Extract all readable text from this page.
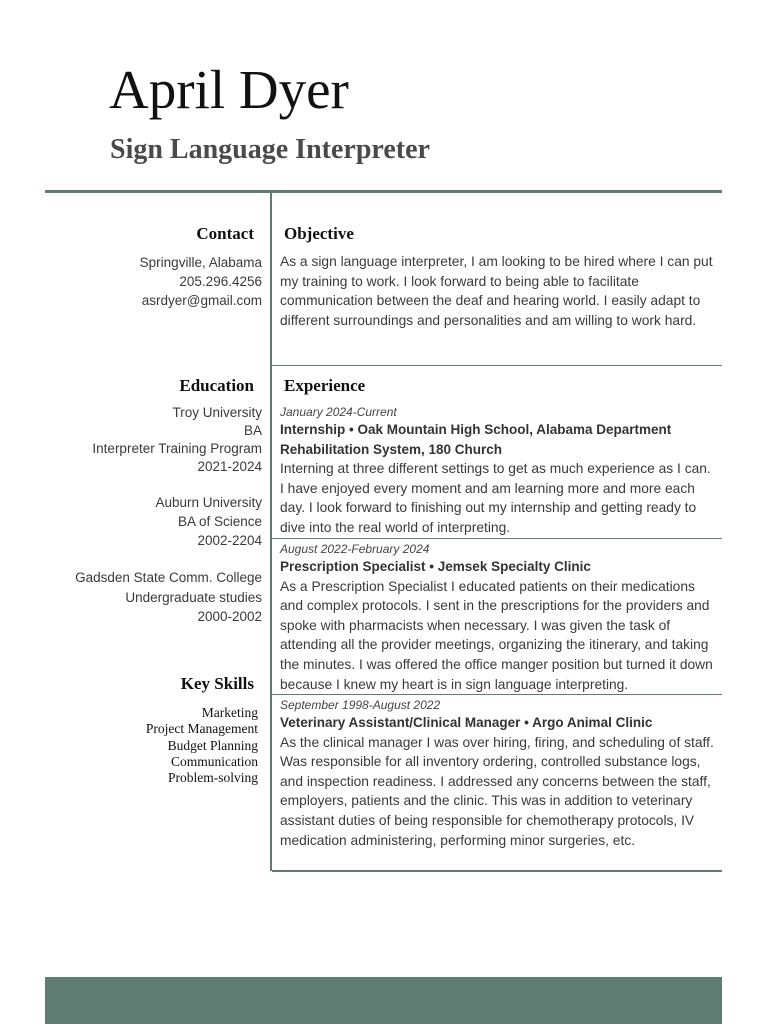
April Dyer
Sign Language Interpreter
Contact
Springville, Alabama
205.296.4256
asrdyer@gmail.com
Objective
As a sign language interpreter, I am looking to be hired where I can put my training to work. I look forward to being able to facilitate communication between the deaf and hearing world. I easily adapt to different surroundings and personalities and am willing to work hard.
Education
Troy University
BA
Interpreter Training Program
2021-2024
Auburn University
BA of Science
2002-2204
Gadsden State Comm. College
Undergraduate studies
2000-2002
Key Skills
Marketing
Project Management
Budget Planning
Communication
Problem-solving
Experience
January 2024-Current
Internship • Oak Mountain High School, Alabama Department Rehabilitation System, 180 Church
Interning at three different settings to get as much experience as I can. I have enjoyed every moment and am learning more and more each day. I look forward to finishing out my internship and getting ready to dive into the real world of interpreting.
August 2022-February 2024
Prescription Specialist • Jemsek Specialty Clinic
As a Prescription Specialist I educated patients on their medications and complex protocols. I sent in the prescriptions for the providers and spoke with pharmacists when necessary. I was given the task of attending all the provider meetings, organizing the itinerary, and taking the minutes. I was offered the office manger position but turned it down because I knew my heart is in sign language interpreting.
September 1998-August 2022
Veterinary Assistant/Clinical Manager • Argo Animal Clinic
As the clinical manager I was over hiring, firing, and scheduling of staff. Was responsible for all inventory ordering, controlled substance logs, and inspection readiness. I addressed any concerns between the staff, employers, patients and the clinic. This was in addition to veterinary assistant duties of being responsible for chemotherapy protocols, IV medication administering, performing minor surgeries, etc.
